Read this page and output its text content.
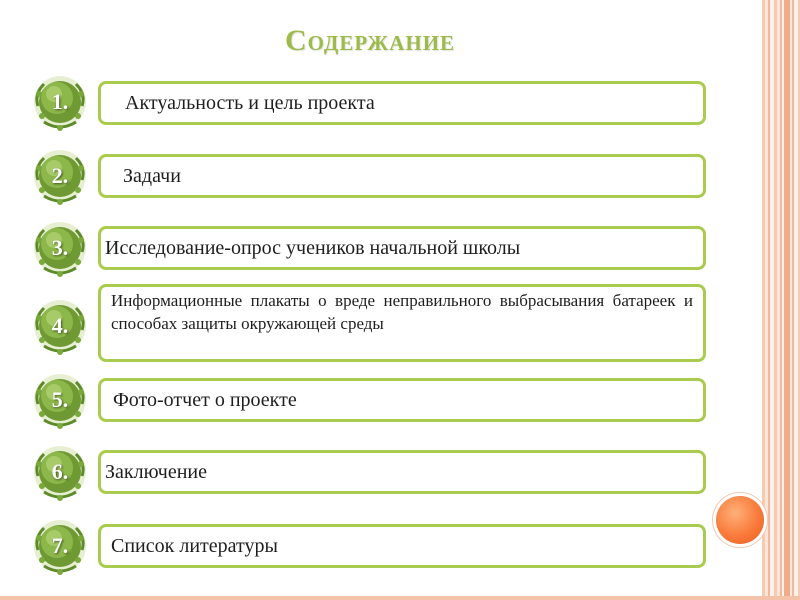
Содержание
1.	Актуальность и цель проекта
2.	Задачи
3.	Исследование-опрос учеников начальной школы
4.
Информационные плакаты о вреде неправильного выбрасывания батареек и способах защиты окружающей среды
5.	Фото-отчет о проекте
6.	Заключение
7.	Список литературы
